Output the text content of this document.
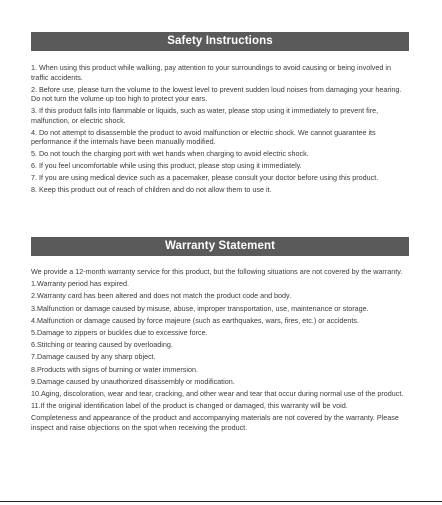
Safety Instructions

1. When using this product while walking, pay attention to your surroundings to avoid causing or being involved in traffic accidents.

2. Before use, please turn the volume to the lowest level to prevent sudden loud noises from damaging your hearing. Do not turn the volume up too high to protect your ears.

3. If this product falls into flammable or liquids, such as water, please stop using it immediately to prevent fire, malfunction, or electric shock.

4. Do not attempt to disassemble the product to avoid malfunction or electric shock. We cannot guarantee its performance if the internals have been manually modified.

5. Do not touch the charging port with wet hands when charging to avoid electric shock.

6. If you feel uncomfortable while using this product, please stop using it immediately.

7. If you are using medical device such as a pacemaker, please consult your doctor before using this product.

8. Keep this product out of reach of children and do not allow them to use it.

Warranty Statement

We provide a 12-month warranty service for this product, but the following situations are not covered by the warranty.

1.Warranty period has expired.

2.Warranty card has been altered and does not match the product code and body.

3.Malfunction or damage caused by misuse, abuse, improper transportation, use, maintenance or storage.

4.Malfunction or damage caused by force majeure (such as earthquakes, wars, fires, etc.) or accidents.

5.Damage to zippers or buckles due to excessive force.

6.Stitching or tearing caused by overloading.

7.Damage caused by any sharp object.

8.Products with signs of burning or water immersion.

9.Damage caused by unauthorized disassembly or modification.

10.Aging, discoloration, wear and tear, cracking, and other wear and tear that occur during normal use of the product.

11.If the original identification label of the product is changed or damaged, this warranty will be void.

Completeness and appearance of the product and accompanying materials are not covered by the warranty. Please inspect and raise objections on the spot when receiving the product.
